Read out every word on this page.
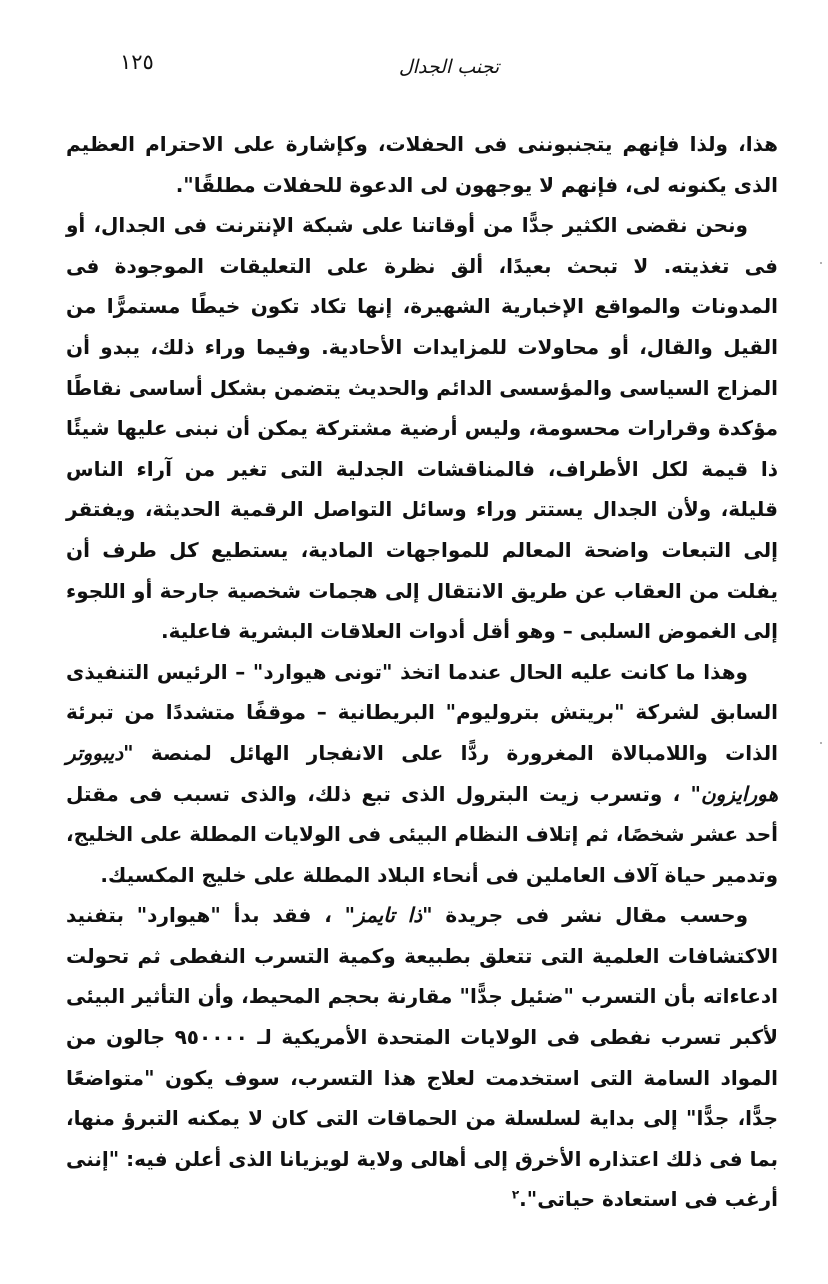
١٢٥	تجنب الجدال

هذا، ولذا فإنهم يتجنبوننى فى الحفلات، وكإشارة على الاحترام العظيم الذى يكنونه لى، فإنهم لا يوجهون لى الدعوة للحفلات مطلقًا".

ونحن نقضى الكثير جدًّا من أوقاتنا على شبكة الإنترنت فى الجدال، أو فى تغذيته. لا تبحث بعيدًا، ألق نظرة على التعليقات الموجودة فى المدونات والمواقع الإخبارية الشهيرة، إنها تكاد تكون خيطًا مستمرًّا من القيل والقال، أو محاولات للمزايدات الأحادية. وفيما وراء ذلك، يبدو أن المزاج السياسى والمؤسسى الدائم والحديث يتضمن بشكل أساسى نقاطًا مؤكدة وقرارات محسومة، وليس أرضية مشتركة يمكن أن نبنى عليها شيئًا ذا قيمة لكل الأطراف، فالمناقشات الجدلية التى تغير من آراء الناس قليلة، ولأن الجدال يستتر وراء وسائل التواصل الرقمية الحديثة، ويفتقر إلى التبعات واضحة المعالم للمواجهات المادية، يستطيع كل طرف أن يفلت من العقاب عن طريق الانتقال إلى هجمات شخصية جارحة أو اللجوء إلى الغموض السلبى – وهو أقل أدوات العلاقات البشرية فاعلية.

وهذا ما كانت عليه الحال عندما اتخذ "تونى هيوارد" – الرئيس التنفيذى السابق لشركة "بريتش بتروليوم" البريطانية – موقفًا متشددًا من تبرئة الذات واللامبالاة المغرورة ردًّا على الانفجار الهائل لمنصة "ديبووتر هورايزون" ، وتسرب زيت البترول الذى تبع ذلك، والذى تسبب فى مقتل أحد عشر شخصًا، ثم إتلاف النظام البيئى فى الولايات المطلة على الخليج، وتدمير حياة آلاف العاملين فى أنحاء البلاد المطلة على خليج المكسيك.

وحسب مقال نشر فى جريدة "ذا تايمز" ، فقد بدأ "هيوارد" بتفنيد الاكتشافات العلمية التى تتعلق بطبيعة وكمية التسرب النفطى ثم تحولت ادعاءاته بأن التسرب "ضئيل جدًّا" مقارنة بحجم المحيط، وأن التأثير البيئى لأكبر تسرب نفطى فى الولايات المتحدة الأمريكية لـ ٩٥٠٠٠٠ جالون من المواد السامة التى استخدمت لعلاج هذا التسرب، سوف يكون "متواضعًا جدًّا، جدًّا" إلى بداية لسلسلة من الحماقات التى كان لا يمكنه التبرؤ منها، بما فى ذلك اعتذاره الأخرق إلى أهالى ولاية لويزيانا الذى أعلن فيه: "إننى أرغب فى استعادة حياتى".$^٢$
